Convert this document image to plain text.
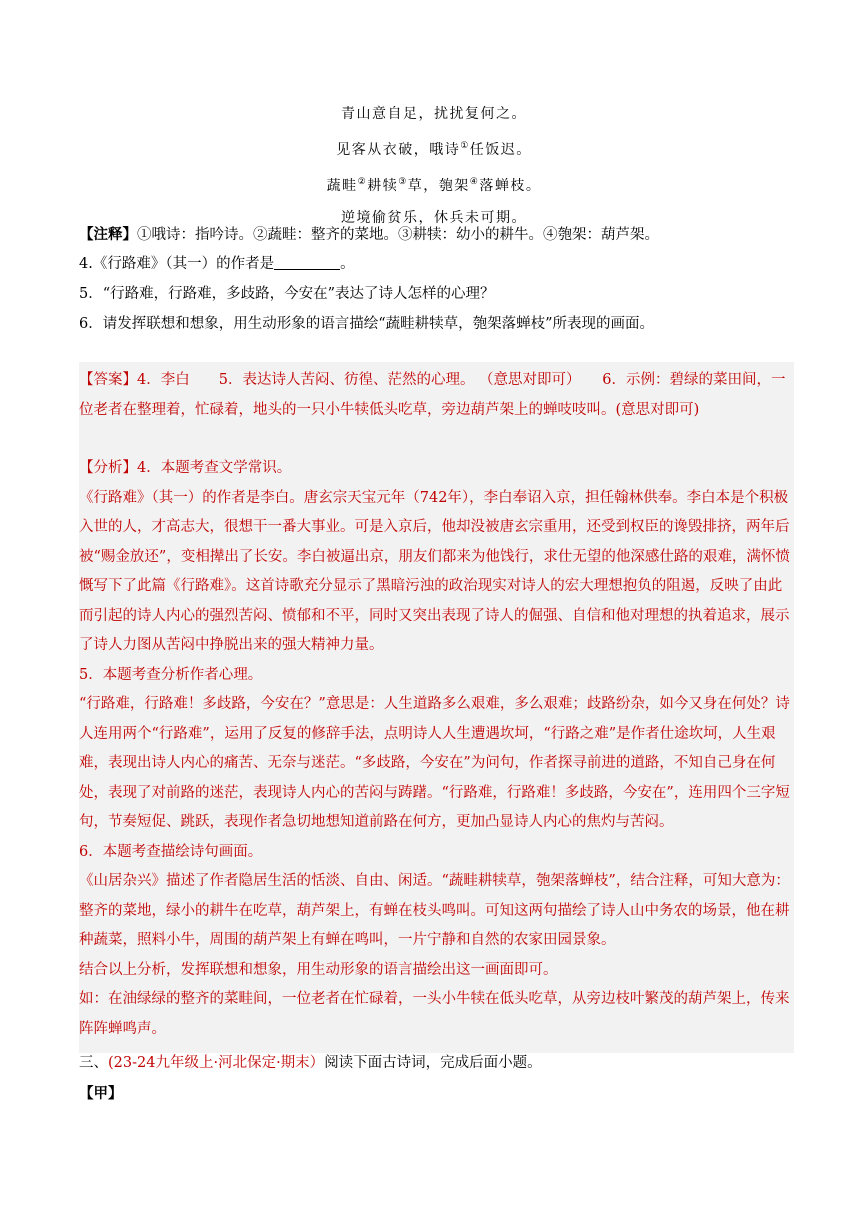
青山意自足，扰扰复何之。
见客从衣破，哦诗①任饭迟。
蔬畦②耕犊③草，匏架④落蝉枝。
逆境偷贫乐，休兵未可期。
【注释】①哦诗：指吟诗。②蔬畦：整齐的菜地。③耕犊：幼小的耕牛。④匏架：葫芦架。
4.《行路难》（其一）的作者是	。
5．“行路难，行路难，多歧路，今安在”表达了诗人怎样的心理？
6．请发挥联想和想象，用生动形象的语言描绘“蔬畦耕犊草，匏架落蝉枝”所表现的画面。
【答案】4．李白　　5．表达诗人苦闷、彷徨、茫然的心理。 （意思对即可）　　6．示例：碧绿的菜田间，一位老者在整理着，忙碌着，地头的一只小牛犊低头吃草，旁边葫芦架上的蝉吱吱叫。(意思对即可)

【分析】4．本题考查文学常识。

《行路难》（其一）的作者是李白。唐玄宗天宝元年（742年），李白奉诏入京，担任翰林供奉。李白本是个积极入世的人，才高志大，很想干一番大事业。可是入京后，他却没被唐玄宗重用，还受到权臣的谗毁排挤，两年后被“赐金放还”，变相撵出了长安。李白被逼出京，朋友们都来为他饯行，求仕无望的他深感仕路的艰难，满怀愤慨写下了此篇《行路难》。这首诗歌充分显示了黑暗污浊的政治现实对诗人的宏大理想抱负的阻遏，反映了由此而引起的诗人内心的强烈苦闷、愤郁和不平，同时又突出表现了诗人的倔强、自信和他对理想的执着追求，展示了诗人力图从苦闷中挣脱出来的强大精神力量。

5．本题考查分析作者心理。

“行路难，行路难！多歧路，今安在？”意思是：人生道路多么艰难，多么艰难；歧路纷杂，如今又身在何处？诗人连用两个“行路难”，运用了反复的修辞手法，点明诗人人生遭遇坎坷，“行路之难”是作者仕途坎坷，人生艰难，表现出诗人内心的痛苦、无奈与迷茫。“多歧路，今安在”为问句，作者探寻前进的道路，不知自己身在何处，表现了对前路的迷茫，表现诗人内心的苦闷与踌躇。“行路难，行路难！多歧路，今安在”，连用四个三字短句，节奏短促、跳跃，表现作者急切地想知道前路在何方，更加凸显诗人内心的焦灼与苦闷。

6．本题考查描绘诗句画面。

《山居杂兴》描述了作者隐居生活的恬淡、自由、闲适。“蔬畦耕犊草，匏架落蝉枝”，结合注释，可知大意为：整齐的菜地，绿小的耕牛在吃草，葫芦架上，有蝉在枝头鸣叫。可知这两句描绘了诗人山中务农的场景，他在耕种蔬菜，照料小牛，周围的葫芦架上有蝉在鸣叫，一片宁静和自然的农家田园景象。

结合以上分析，发挥联想和想象，用生动形象的语言描绘出这一画面即可。

如：在油绿绿的整齐的菜畦间，一位老者在忙碌着，一头小牛犊在低头吃草，从旁边枝叶繁茂的葫芦架上，传来阵阵蝉鸣声。

三、(23-24九年级上·河北保定·期末）阅读下面古诗词，完成后面小题。
【甲】
